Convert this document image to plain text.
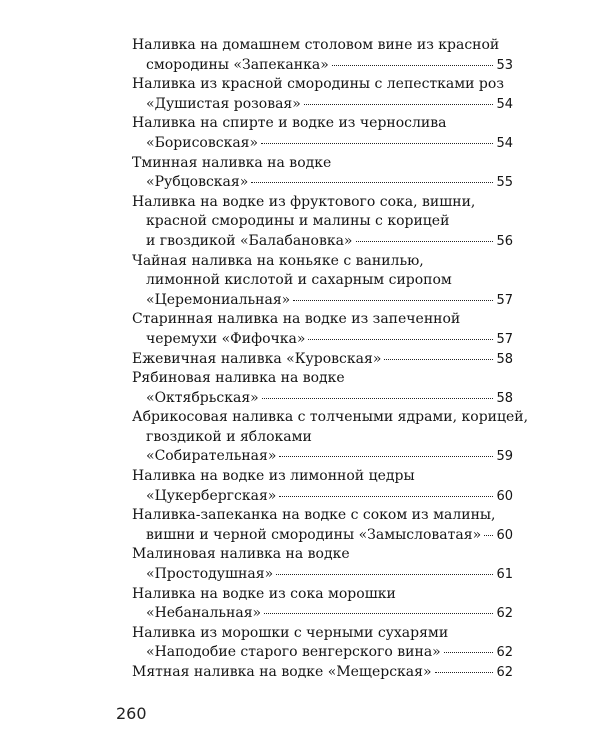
Наливка на домашнем столовом вине из красной
смородины «Запеканка»	53
Наливка из красной смородины с лепестками роз
«Душистая розовая»	54
Наливка на спирте и водке из чернослива
«Борисовская»	54
Тминная наливка на водке
«Рубцовская»	55
Наливка на водке из фруктового сока, вишни,
красной смородины и малины с корицей
и гвоздикой «Балабановка»	56
Чайная наливка на коньяке с ванилью,
лимонной кислотой и сахарным сиропом
«Церемониальная»	57
Старинная наливка на водке из запеченной
черемухи «Фифочка»	57
Ежевичная наливка «Куровская»	58
Рябиновая наливка на водке
«Октябрьская»	58
Абрикосовая наливка с толчеными ядрами, корицей,
гвоздикой и яблоками
«Собирательная»	59
Наливка на водке из лимонной цедры
«Цукербергская»	60
Наливка-запеканка на водке с соком из малины,
вишни и черной смородины «Замысловатая» 60
Малиновая наливка на водке
«Простодушная»	61
Наливка на водке из сока морошки
«Небанальная»	62
Наливка из морошки с черными сухарями
«Наподобие старого венгерского вина»	62
Мятная наливка на водке «Мещерская»	62
260
